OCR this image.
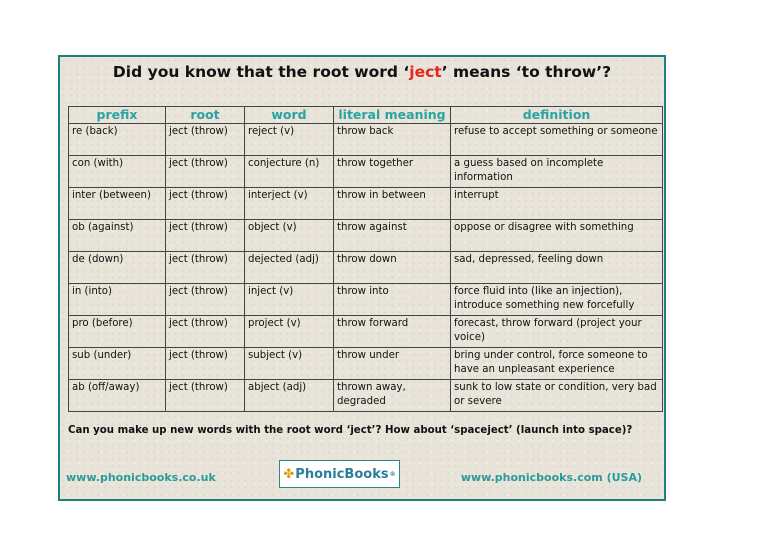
Did you know that the root word ‘ject’ means ‘to throw’?
prefix	root	word	literal meaning	definition
re (back)	ject (throw)	reject (v)	throw back	refuse to accept something or someone
con (with)	ject (throw)	conjecture (n)	throw together	a guess based on incomplete information
inter (between)	ject (throw)	interject (v)	throw in between	interrupt
ob (against)	ject (throw)	object (v)	throw against	oppose or disagree with something
de (down)	ject (throw)	dejected (adj)	throw down	sad, depressed, feeling down
in (into)	ject (throw)	inject (v)	throw into	force fluid into (like an injection), introduce something new forcefully
pro (before)	ject (throw)	project (v)	throw forward	forecast, throw forward (project your voice)
sub (under)	ject (throw)	subject (v)	throw under	bring under control, force someone to have an unpleasant experience
ab (off/away)	ject (throw)	abject (adj)	thrown away, degraded	sunk to low state or condition, very bad or severe
Can you make up new words with the root word ‘ject’? How about ‘spaceject’ (launch into space)?
www.phonicbooks.co.uk	✤ PhonicBooks ®	www.phonicbooks.com (USA)
